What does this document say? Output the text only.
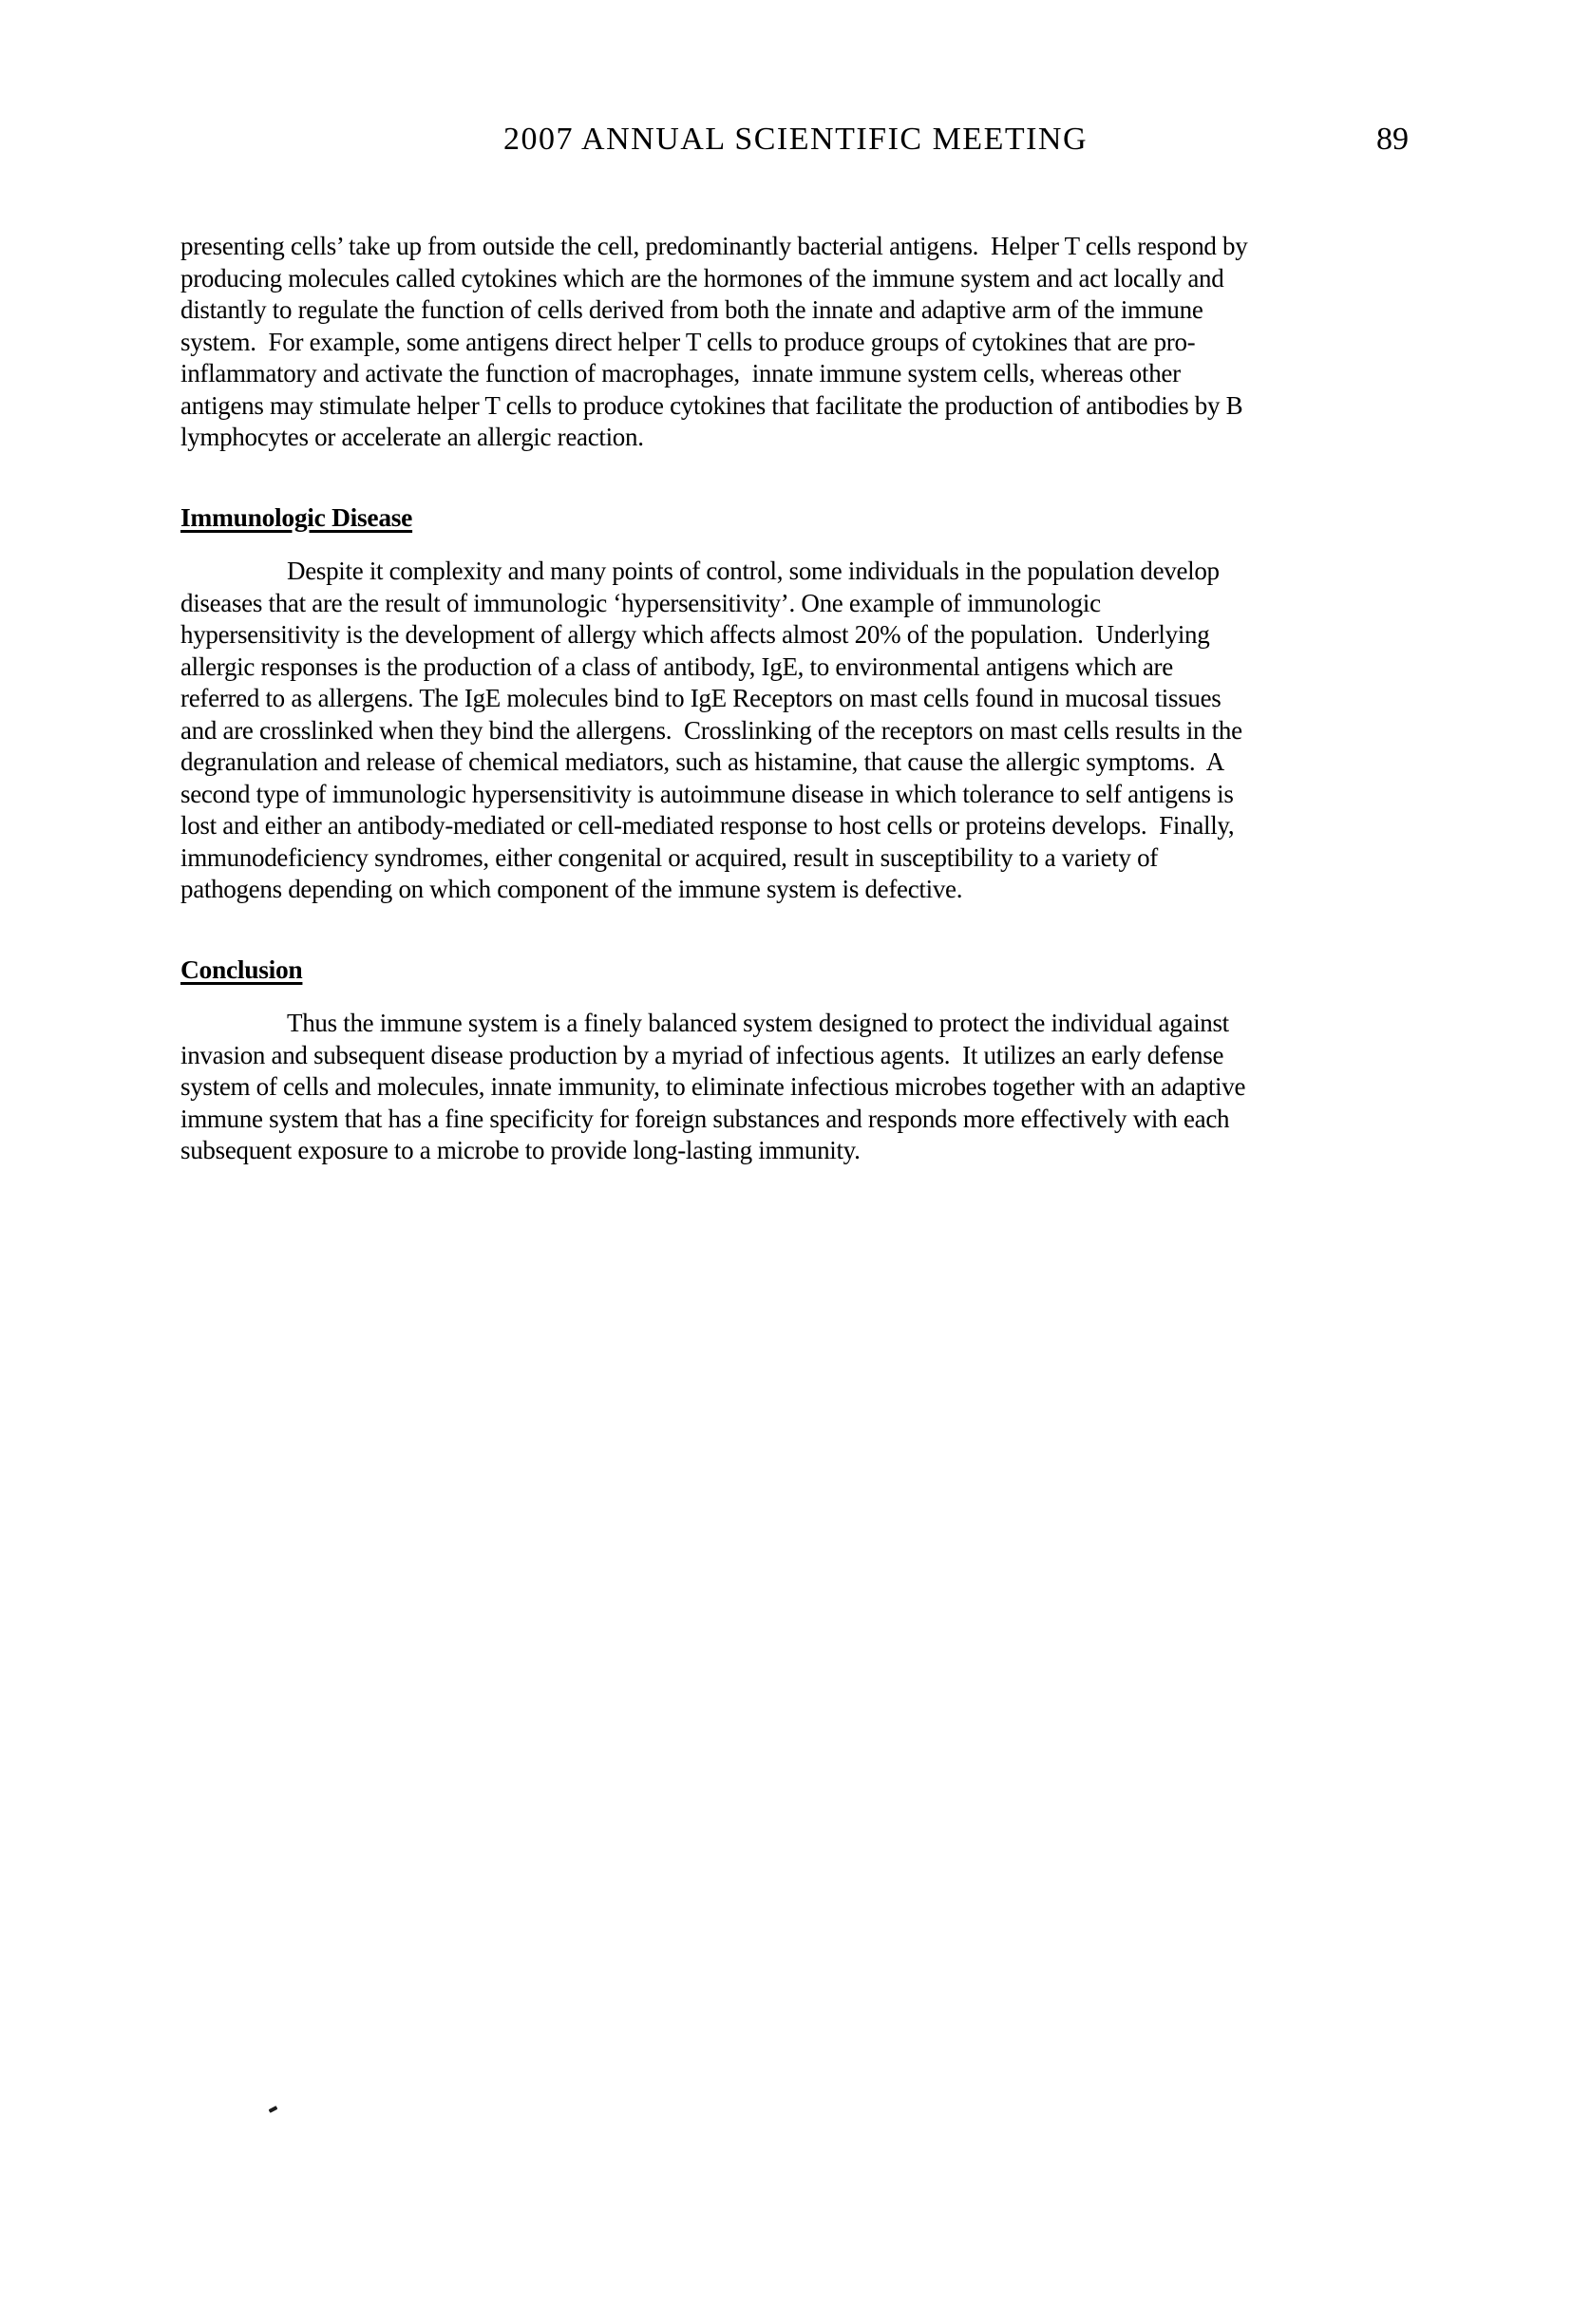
2007 ANNUAL SCIENTIFIC MEETING	89
presenting cells’ take up from outside the cell, predominantly bacterial antigens.  Helper T cells respond by
producing molecules called cytokines which are the hormones of the immune system and act locally and
distantly to regulate the function of cells derived from both the innate and adaptive arm of the immune
system.  For example, some antigens direct helper T cells to produce groups of cytokines that are pro-
inflammatory and activate the function of macrophages,  innate immune system cells, whereas other
antigens may stimulate helper T cells to produce cytokines that facilitate the production of antibodies by B
lymphocytes or accelerate an allergic reaction.
Immunologic Disease
Despite it complexity and many points of control, some individuals in the population develop
diseases that are the result of immunologic ‘hypersensitivity’. One example of immunologic
hypersensitivity is the development of allergy which affects almost 20% of the population.  Underlying
allergic responses is the production of a class of antibody, IgE, to environmental antigens which are
referred to as allergens. The IgE molecules bind to IgE Receptors on mast cells found in mucosal tissues
and are crosslinked when they bind the allergens.  Crosslinking of the receptors on mast cells results in the
degranulation and release of chemical mediators, such as histamine, that cause the allergic symptoms.  A
second type of immunologic hypersensitivity is autoimmune disease in which tolerance to self antigens is
lost and either an antibody-mediated or cell-mediated response to host cells or proteins develops.  Finally,
immunodeficiency syndromes, either congenital or acquired, result in susceptibility to a variety of
pathogens depending on which component of the immune system is defective.
Conclusion
Thus the immune system is a finely balanced system designed to protect the individual against
invasion and subsequent disease production by a myriad of infectious agents.  It utilizes an early defense
system of cells and molecules, innate immunity, to eliminate infectious microbes together with an adaptive
immune system that has a fine specificity for foreign substances and responds more effectively with each
subsequent exposure to a microbe to provide long-lasting immunity.
